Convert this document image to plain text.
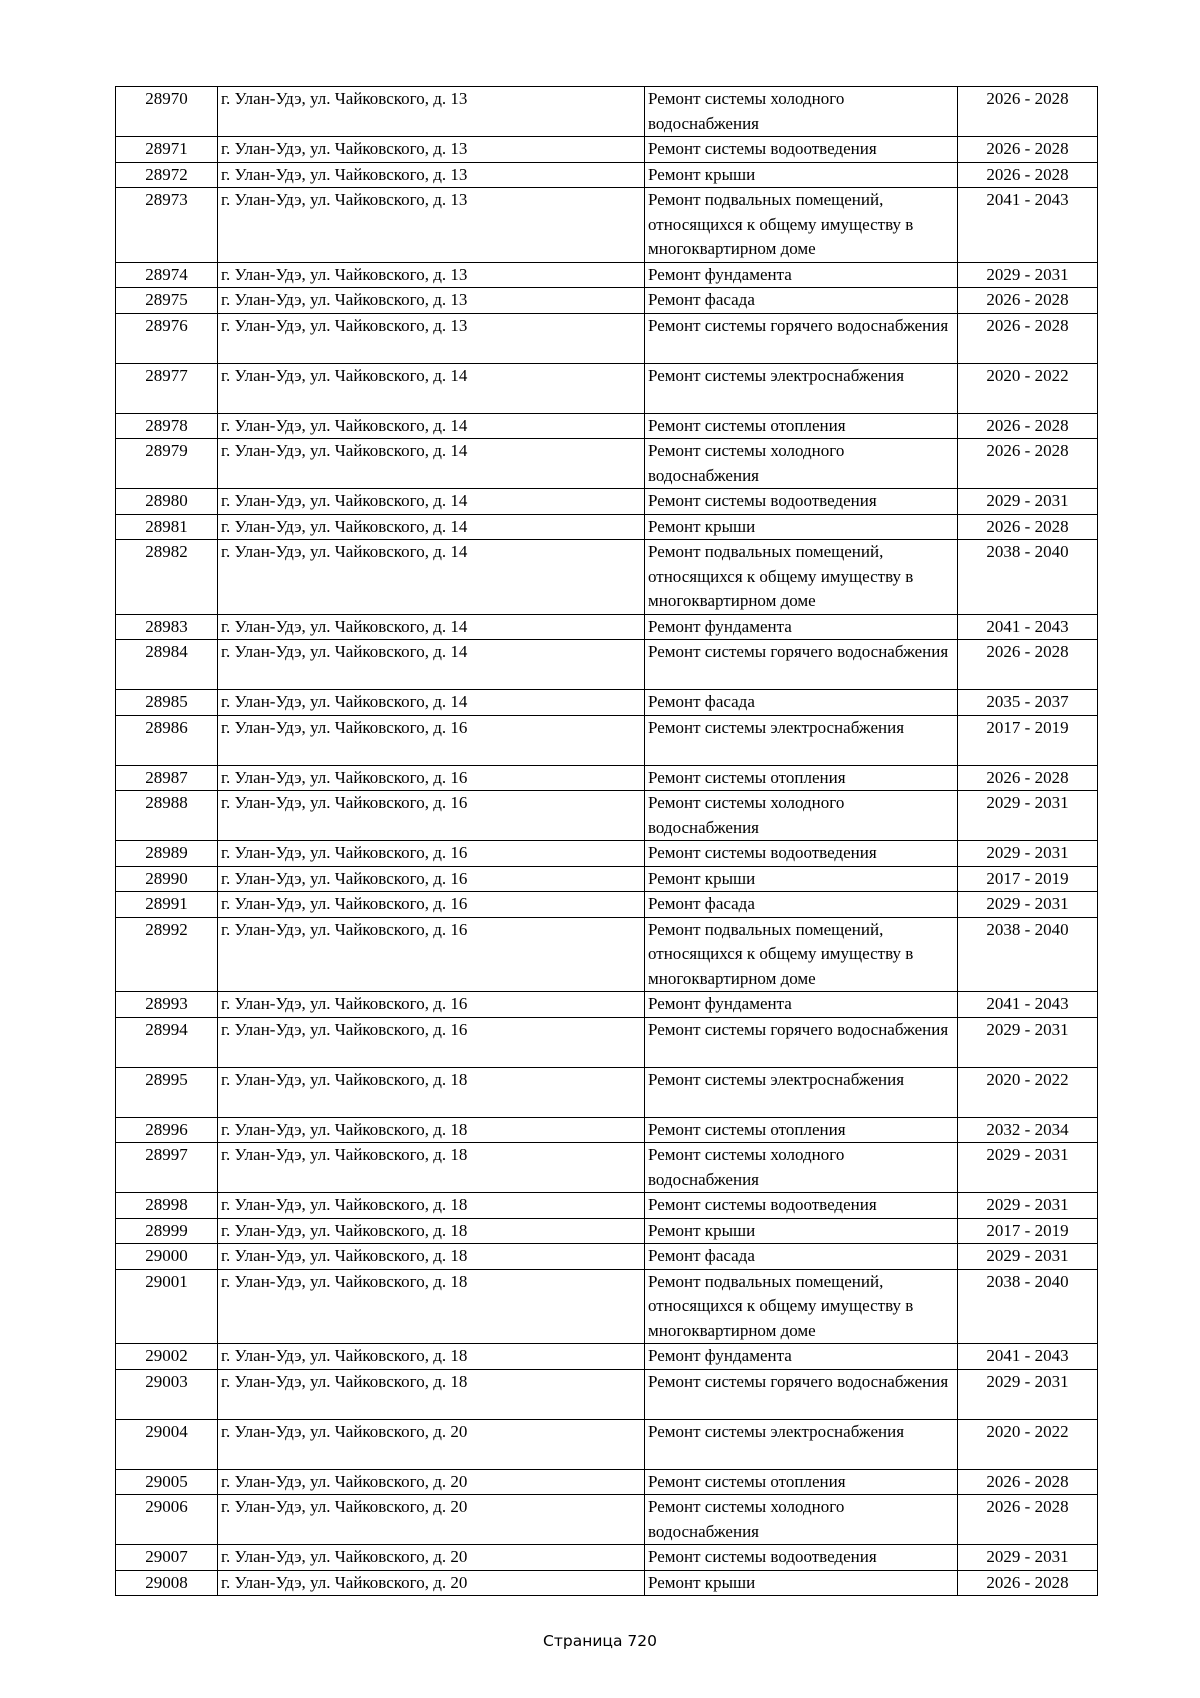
28970	г. Улан-Удэ, ул. Чайковского, д. 13	Ремонт системы холодного водоснабжения	2026 - 2028
28971	г. Улан-Удэ, ул. Чайковского, д. 13	Ремонт системы водоотведения	2026 - 2028
28972	г. Улан-Удэ, ул. Чайковского, д. 13	Ремонт крыши	2026 - 2028
28973	г. Улан-Удэ, ул. Чайковского, д. 13	Ремонт подвальных помещений, относящихся к общему имуществу в многоквартирном доме	2041 - 2043
28974	г. Улан-Удэ, ул. Чайковского, д. 13	Ремонт фундамента	2029 - 2031
28975	г. Улан-Удэ, ул. Чайковского, д. 13	Ремонт фасада	2026 - 2028
28976	г. Улан-Удэ, ул. Чайковского, д. 13	Ремонт системы горячего водоснабжения	2026 - 2028
28977	г. Улан-Удэ, ул. Чайковского, д. 14	Ремонт системы электроснабжения	2020 - 2022
28978	г. Улан-Удэ, ул. Чайковского, д. 14	Ремонт системы отопления	2026 - 2028
28979	г. Улан-Удэ, ул. Чайковского, д. 14	Ремонт системы холодного водоснабжения	2026 - 2028
28980	г. Улан-Удэ, ул. Чайковского, д. 14	Ремонт системы водоотведения	2029 - 2031
28981	г. Улан-Удэ, ул. Чайковского, д. 14	Ремонт крыши	2026 - 2028
28982	г. Улан-Удэ, ул. Чайковского, д. 14	Ремонт подвальных помещений, относящихся к общему имуществу в многоквартирном доме	2038 - 2040
28983	г. Улан-Удэ, ул. Чайковского, д. 14	Ремонт фундамента	2041 - 2043
28984	г. Улан-Удэ, ул. Чайковского, д. 14	Ремонт системы горячего водоснабжения	2026 - 2028
28985	г. Улан-Удэ, ул. Чайковского, д. 14	Ремонт фасада	2035 - 2037
28986	г. Улан-Удэ, ул. Чайковского, д. 16	Ремонт системы электроснабжения	2017 - 2019
28987	г. Улан-Удэ, ул. Чайковского, д. 16	Ремонт системы отопления	2026 - 2028
28988	г. Улан-Удэ, ул. Чайковского, д. 16	Ремонт системы холодного водоснабжения	2029 - 2031
28989	г. Улан-Удэ, ул. Чайковского, д. 16	Ремонт системы водоотведения	2029 - 2031
28990	г. Улан-Удэ, ул. Чайковского, д. 16	Ремонт крыши	2017 - 2019
28991	г. Улан-Удэ, ул. Чайковского, д. 16	Ремонт фасада	2029 - 2031
28992	г. Улан-Удэ, ул. Чайковского, д. 16	Ремонт подвальных помещений, относящихся к общему имуществу в многоквартирном доме	2038 - 2040
28993	г. Улан-Удэ, ул. Чайковского, д. 16	Ремонт фундамента	2041 - 2043
28994	г. Улан-Удэ, ул. Чайковского, д. 16	Ремонт системы горячего водоснабжения	2029 - 2031
28995	г. Улан-Удэ, ул. Чайковского, д. 18	Ремонт системы электроснабжения	2020 - 2022
28996	г. Улан-Удэ, ул. Чайковского, д. 18	Ремонт системы отопления	2032 - 2034
28997	г. Улан-Удэ, ул. Чайковского, д. 18	Ремонт системы холодного водоснабжения	2029 - 2031
28998	г. Улан-Удэ, ул. Чайковского, д. 18	Ремонт системы водоотведения	2029 - 2031
28999	г. Улан-Удэ, ул. Чайковского, д. 18	Ремонт крыши	2017 - 2019
29000	г. Улан-Удэ, ул. Чайковского, д. 18	Ремонт фасада	2029 - 2031
29001	г. Улан-Удэ, ул. Чайковского, д. 18	Ремонт подвальных помещений, относящихся к общему имуществу в многоквартирном доме	2038 - 2040
29002	г. Улан-Удэ, ул. Чайковского, д. 18	Ремонт фундамента	2041 - 2043
29003	г. Улан-Удэ, ул. Чайковского, д. 18	Ремонт системы горячего водоснабжения	2029 - 2031
29004	г. Улан-Удэ, ул. Чайковского, д. 20	Ремонт системы электроснабжения	2020 - 2022
29005	г. Улан-Удэ, ул. Чайковского, д. 20	Ремонт системы отопления	2026 - 2028
29006	г. Улан-Удэ, ул. Чайковского, д. 20	Ремонт системы холодного водоснабжения	2026 - 2028
29007	г. Улан-Удэ, ул. Чайковского, д. 20	Ремонт системы водоотведения	2029 - 2031
29008	г. Улан-Удэ, ул. Чайковского, д. 20	Ремонт крыши	2026 - 2028
Страница 720
